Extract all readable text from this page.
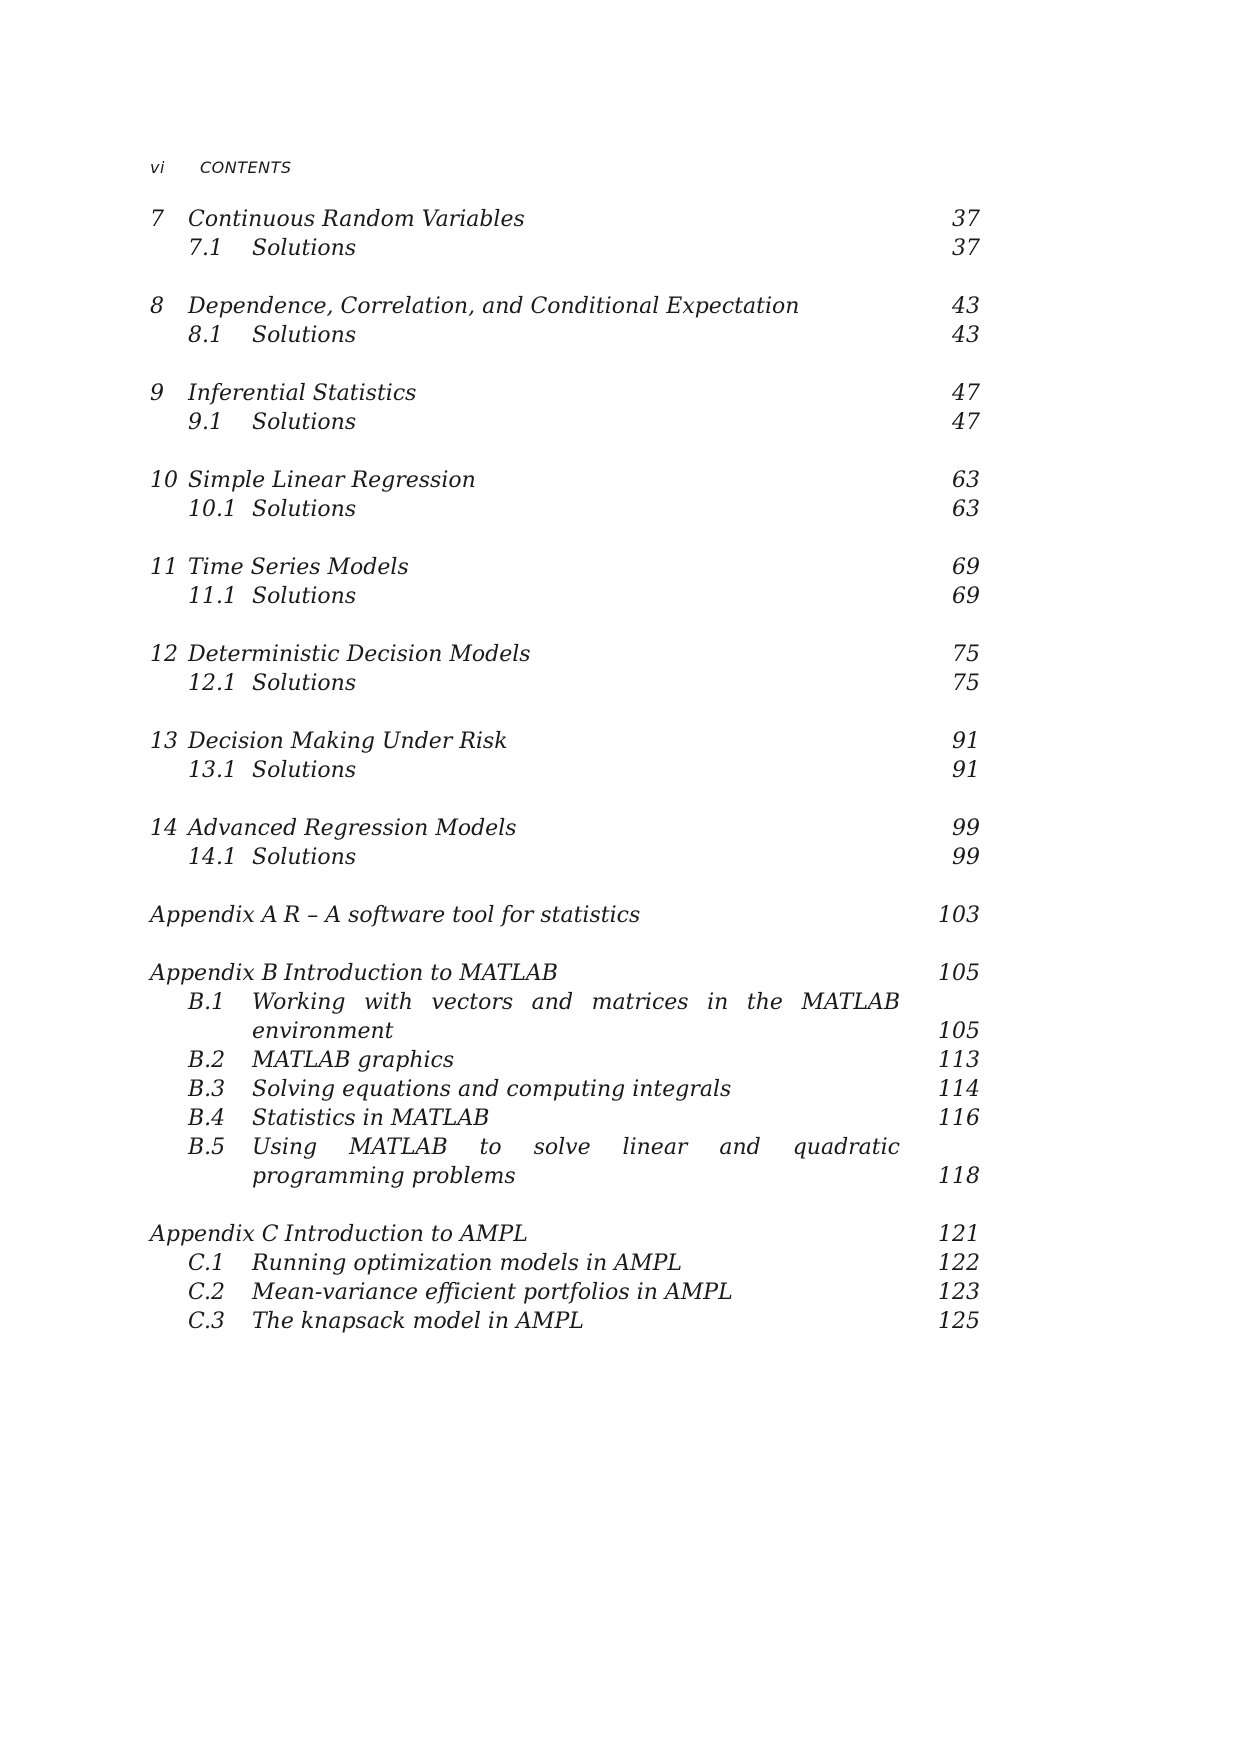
vi CONTENTS
7	Continuous Random Variables	37
7.1	Solutions	37
8	Dependence, Correlation, and Conditional Expectation	43
8.1	Solutions	43
9	Inferential Statistics	47
9.1	Solutions	47
10 Simple Linear Regression	63
10.1 Solutions	63
11 Time Series Models	69
11.1 Solutions	69
12 Deterministic Decision Models	75
12.1 Solutions	75
13 Decision Making Under Risk	91
13.1 Solutions	91
14 Advanced Regression Models	99
14.1 Solutions	99
Appendix A R – A software tool for statistics	103
Appendix B Introduction to MATLAB	105
B.1	Working with vectors and matrices in the MATLAB environment	105
B.2	MATLAB graphics	113
B.3	Solving equations and computing integrals	114
B.4	Statistics in MATLAB	116
B.5	Using MATLAB to solve linear and quadratic programming problems	118
Appendix C Introduction to AMPL	121
C.1	Running optimization models in AMPL	122
C.2	Mean-variance efficient portfolios in AMPL	123
C.3	The knapsack model in AMPL	125
